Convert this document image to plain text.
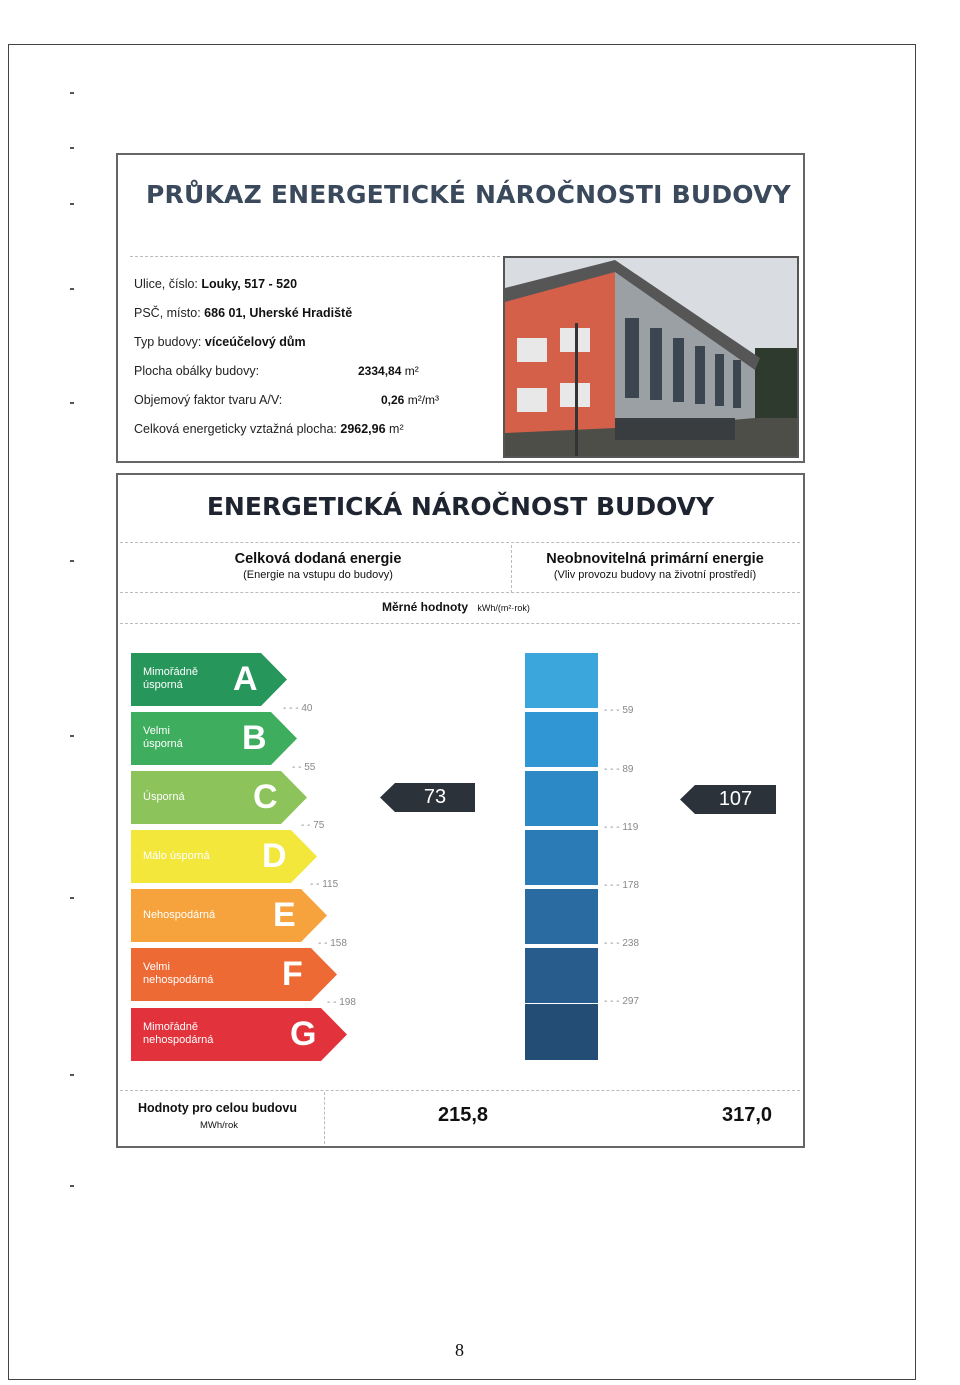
PRŮKAZ ENERGETICKÉ NÁROČNOSTI BUDOVY
Ulice, číslo: Louky, 517 - 520
PSČ, místo: 686 01, Uherské Hradiště
Typ budovy: víceúčelový dům
Plocha obálky budovy:	2334,84 m²
Objemový faktor tvaru A/V:	0,26 m²/m³
Celková energeticky vztažná plocha: 2962,96 m²
ENERGETICKÁ NÁROČNOST BUDOVY
Celková dodaná energie
(Energie na vstupu do budovy)
Neobnovitelná primární energie
(Vliv provozu budovy na životní prostředí)
Měrné hodnoty kWh/(m²·rok)
Mimořádně
úsporná	A
Velmi
úsporná B
Úsporná C
Málo úsporná D
Nehospodárná E
Velmi
nehospodárná F
Mimořádně
nehospodárná G
- - - 40
- - 55
- - 75
- - 115
- - 158
- - 198
73
- - - 59
- - - 89
- - - 119
- - - 178
- - - 238
- - - 297
107
Hodnoty pro celou budovu
MWh/rok	215,8	317,0
8
